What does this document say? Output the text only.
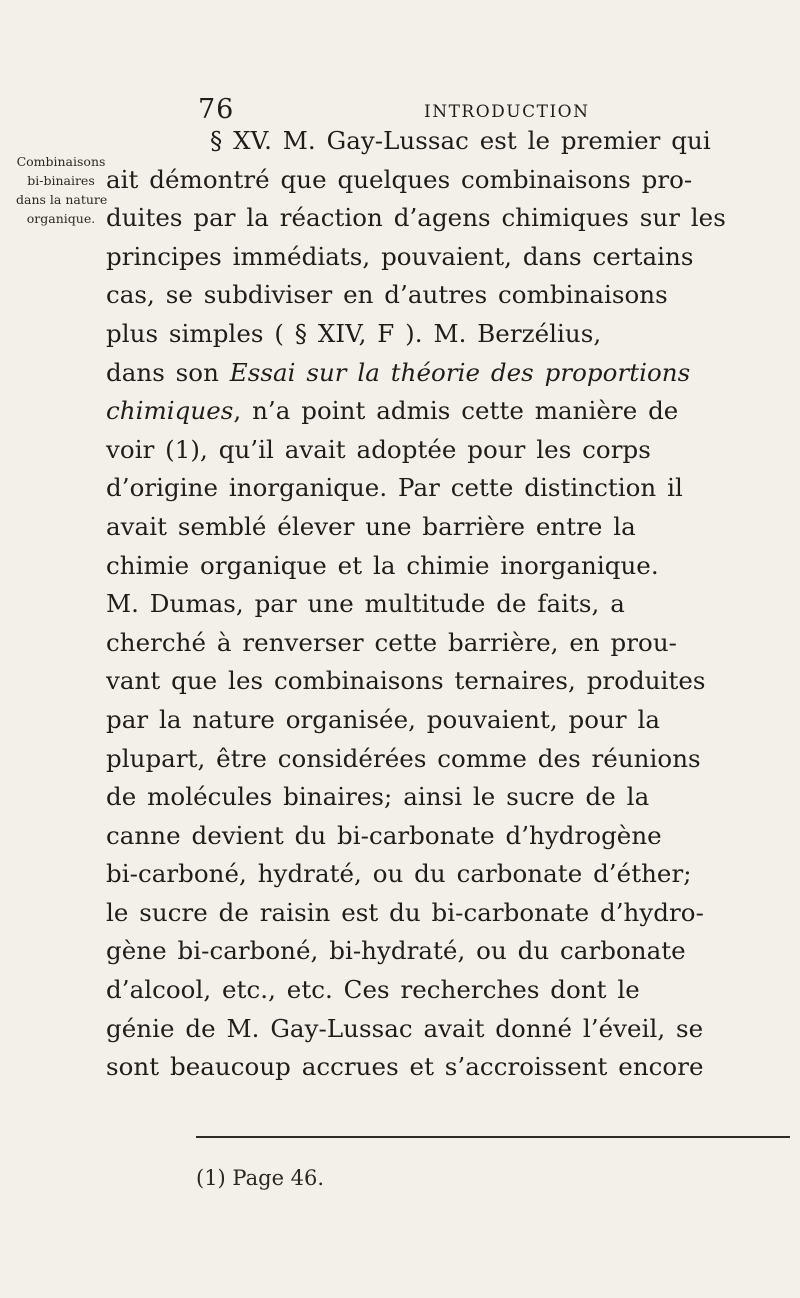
76	INTRODUCTION
Combinaisons
bi-binaires
dans la nature
organique.
§ XV. M. Gay-Lussac est le premier qui
ait démontré que quelques combinaisons pro-
duites par la réaction d’agens chimiques sur les
principes immédiats, pouvaient, dans certains
cas, se subdiviser en d’autres combinaisons
plus simples ( § XIV, F ). M. Berzélius,
dans son Essai sur la théorie des proportions
chimiques, n’a point admis cette manière de
voir (1), qu’il avait adoptée pour les corps
d’origine inorganique. Par cette distinction il
avait semblé élever une barrière entre la
chimie organique et la chimie inorganique.
M. Dumas, par une multitude de faits, a
cherché à renverser cette barrière, en prou-
vant que les combinaisons ternaires, produites
par la nature organisée, pouvaient, pour la
plupart, être considérées comme des réunions
de molécules binaires; ainsi le sucre de la
canne devient du bi-carbonate d’hydrogène
bi-carboné, hydraté, ou du carbonate d’éther;
le sucre de raisin est du bi-carbonate d’hydro-
gène bi-carboné, bi-hydraté, ou du carbonate
d’alcool, etc., etc. Ces recherches dont le
génie de M. Gay-Lussac avait donné l’éveil, se
sont beaucoup accrues et s’accroissent encore
(1) Page 46.
